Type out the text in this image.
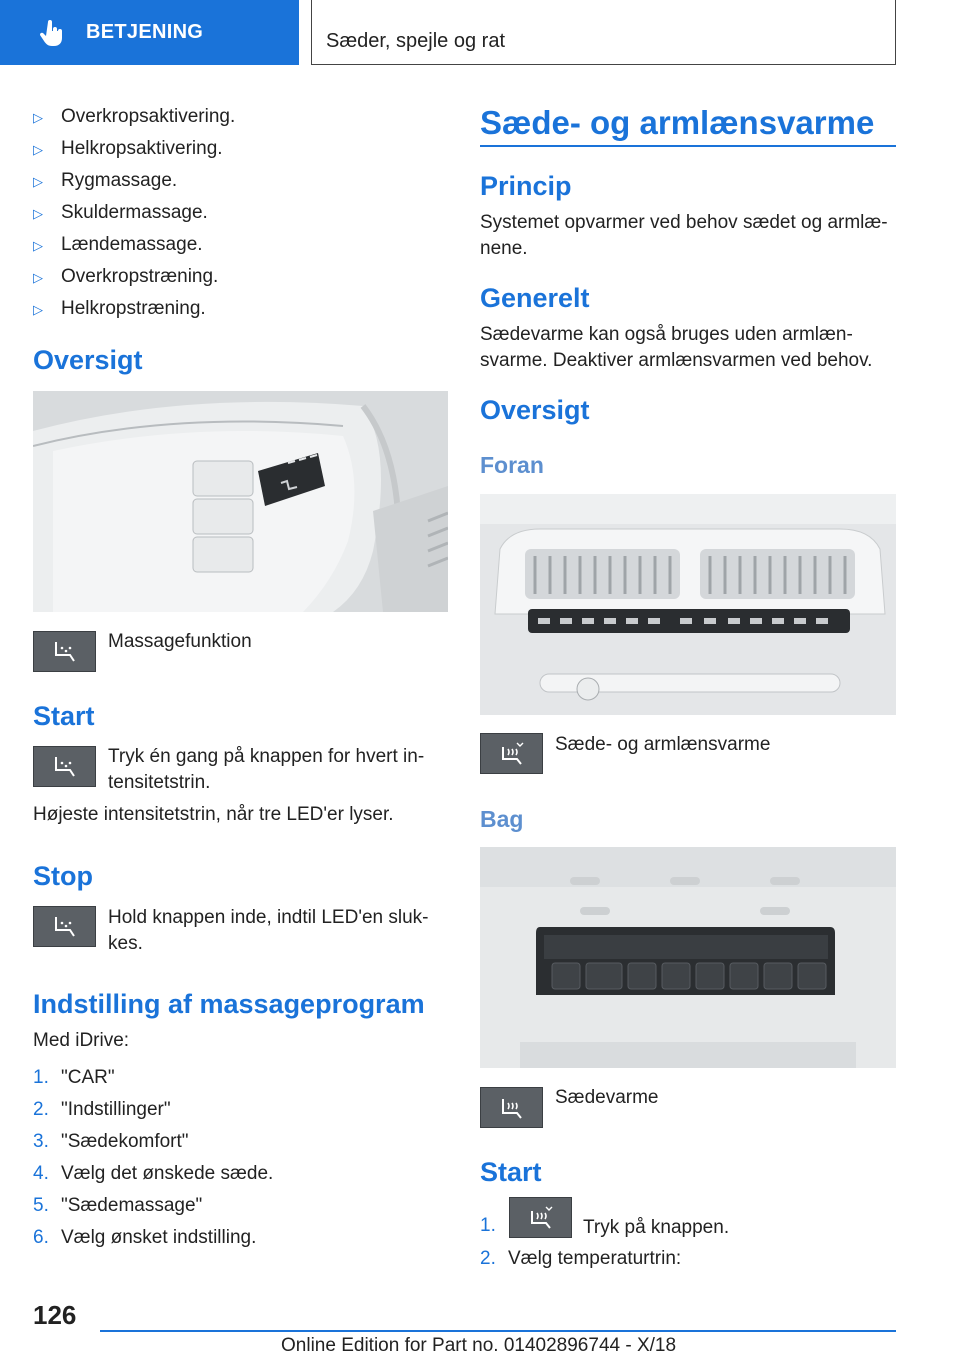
BETJENING	Sæder, spejle og rat
▷ Overkropsaktivering.
▷ Helkropsaktivering.
▷ Rygmassage.
▷ Skuldermassage.
▷ Lændemassage.
▷ Overkropstræning.
▷ Helkropstræning.
Oversigt
Massagefunktion
Start
Tryk én gang på knappen for hvert in-
tensitetstrin.
Højeste intensitetstrin, når tre LED'er lyser.
Stop
Hold knappen inde, indtil LED'en sluk-
kes.
Indstilling af massageprogram
Med iDrive:
1. "CAR"
2. "Indstillinger"
3. "Sædekomfort"
4. Vælg det ønskede sæde.
5. "Sædemassage"
6. Vælg ønsket indstilling.
Sæde- og armlænsvarme
Princip
Systemet opvarmer ved behov sædet og armlæ-
nene.
Generelt
Sædevarme kan også bruges uden armlæn-
svarme. Deaktiver armlænsvarmen ved behov.
Oversigt
Foran
Sæde- og armlænsvarme
Bag
Sædevarme
Start
1.	Tryk på knappen.
2. Vælg temperaturtrin:
126
Online Edition for Part no. 01402896744 - X/18
